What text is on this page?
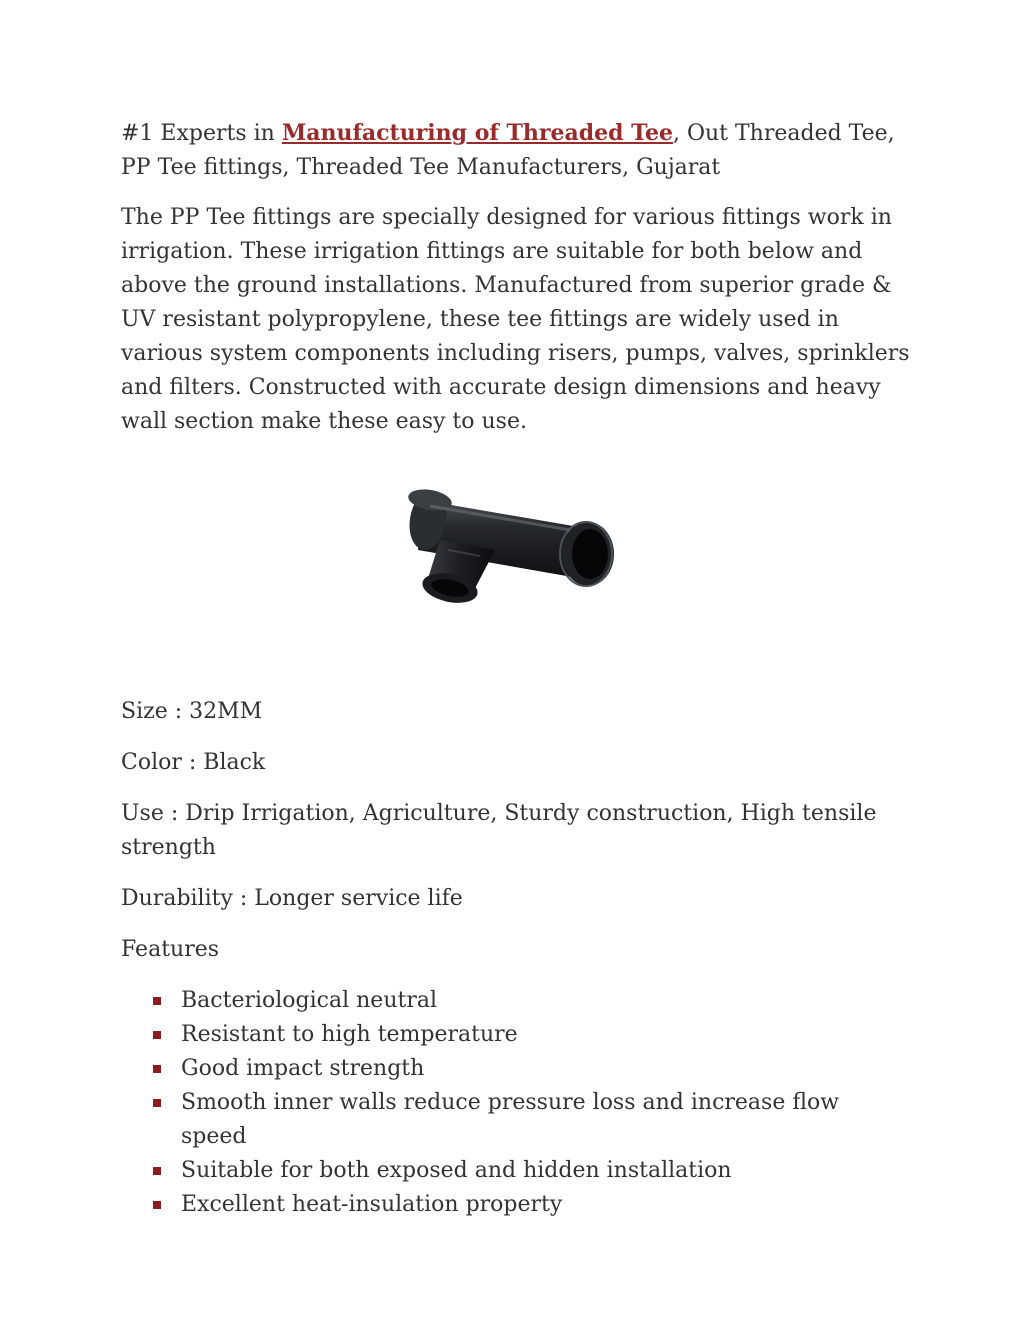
#1 Experts in Manufacturing of Threaded Tee, Out Threaded Tee, PP Tee fittings, Threaded Tee Manufacturers, Gujarat

The PP Tee fittings are specially designed for various fittings work in irrigation. These irrigation fittings are suitable for both below and above the ground installations. Manufactured from superior grade & UV resistant polypropylene, these tee fittings are widely used in various system components including risers, pumps, valves, sprinklers and filters. Constructed with accurate design dimensions and heavy wall section make these easy to use.

Size : 32MM

Color : Black

Use : Drip Irrigation, Agriculture, Sturdy construction, High tensile strength

Durability : Longer service life

Features

Bacteriological neutral
Resistant to high temperature
Good impact strength
Smooth inner walls reduce pressure loss and increase flow speed
Suitable for both exposed and hidden installation
Excellent heat-insulation property
